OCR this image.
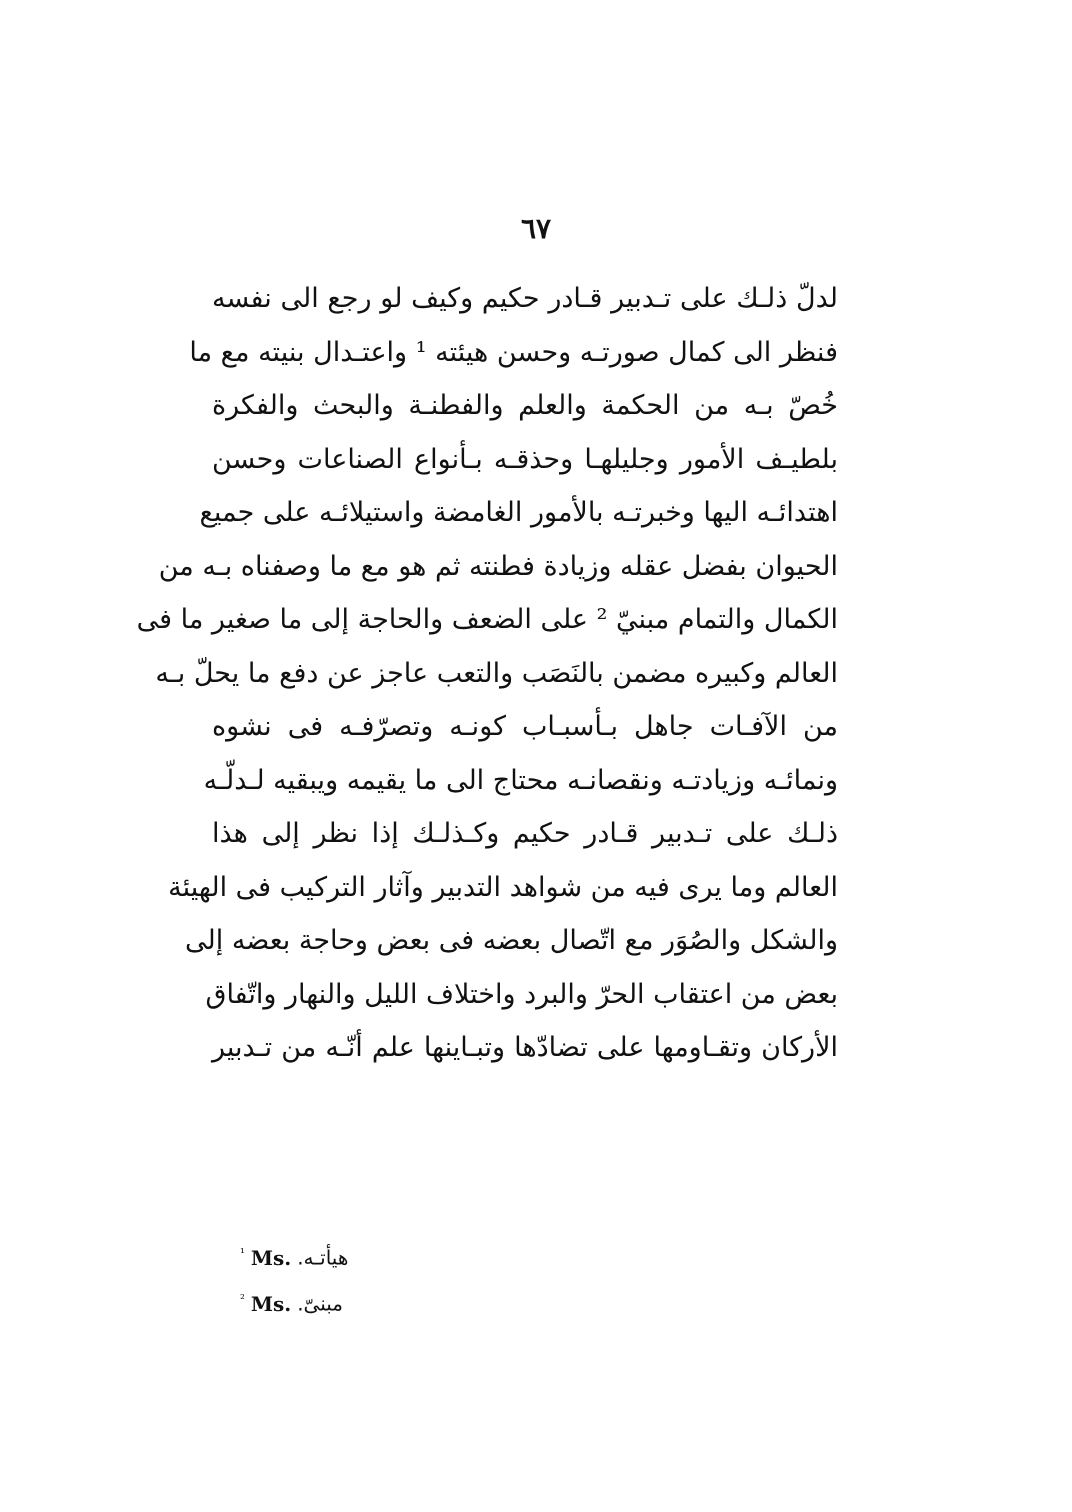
٦٧
لدلّ ذلـك على تـدبير قـادر حكيم وكيف لو رجع الى نفسه
فنظر الى كمال صورتـه وحسن هيئته ¹ واعتـدال بنيته مع ما
خُصّ بـه من الحكمة والعلم والفطنـة والبحث والفكرة
بلطيـف الأمور وجليلهـا وحذقـه بـأنواع الصناعات وحسن
اهتدائـه اليها وخبرتـه بالأمور الغامضة واستيلائـه على جميع
الحيوان بفضل عقله وزيادة فطنته ثم هو مع ما وصفناه بـه من
الكمال والتمام مبنيّ ² على الضعف والحاجة إلى ما صغير ما فى
العالم وكبيره مضمن بالنَصَب والتعب عاجز عن دفع ما يحلّ بـه
من الآفـات جاهل بـأسبـاب كونـه وتصرّفـه فى نشوه
ونمائـه وزيادتـه ونقصانـه محتاج الى ما يقيمه ويبقيه لـدلّـه
ذلـك على تـدبير قـادر حكيم وكـذلـك إذا نظر إلى هذا
العالم وما يرى فيه من شواهد التدبير وآثار التركيب فى الهيئة
والشكل والصُوَر مع اتّصال بعضه فى بعض وحاجة بعضه إلى
بعض من اعتقاب الحرّ والبرد واختلاف الليل والنهار واتّفاق
الأركان وتقـاومها على تضادّها وتبـاينها علم أنّـه من تـدبير
$^{^1}$ Ms. هيأتـه.
$^{^2}$ Ms. مبنىّ.
